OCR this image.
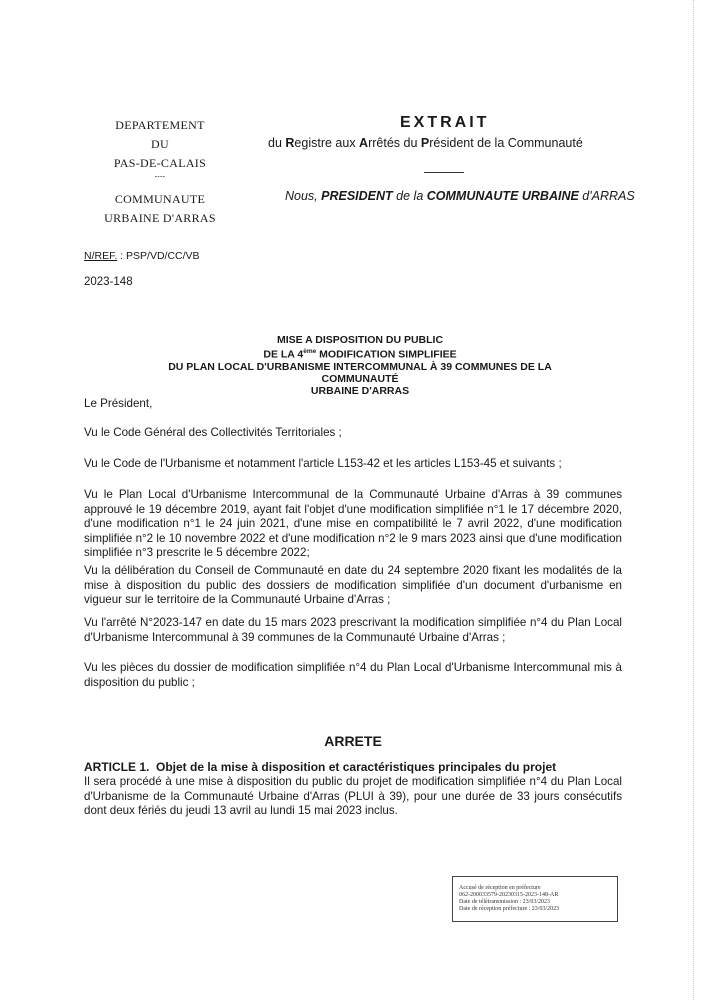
DEPARTEMENT
DU
PAS-DE-CALAIS
----
COMMUNAUTE
URBAINE D'ARRAS
EXTRAIT
du Registre aux Arrêtés du Président de la Communauté
Nous, PRESIDENT de la COMMUNAUTE URBAINE d'ARRAS
N/REF. : PSP/VD/CC/VB
2023-148
MISE A DISPOSITION DU PUBLIC
DE LA 4ème MODIFICATION SIMPLIFIEE
DU PLAN LOCAL D'URBANISME INTERCOMMUNAL À 39 COMMUNES DE LA COMMUNAUTÉ
URBAINE D'ARRAS
Le Président,
Vu le Code Général des Collectivités Territoriales ;
Vu le Code de l'Urbanisme et notamment l'article L153-42 et les articles L153-45 et suivants ;
Vu le Plan Local d'Urbanisme Intercommunal de la Communauté Urbaine d'Arras à 39 communes approuvé le 19 décembre 2019, ayant fait l'objet d'une modification simplifiée n°1 le 17 décembre 2020, d'une modification n°1 le 24 juin 2021, d'une mise en compatibilité le 7 avril 2022, d'une modification simplifiée n°2 le 10 novembre 2022 et d'une modification n°2 le 9 mars 2023 ainsi que d'une modification simplifiée n°3 prescrite le 5 décembre 2022;
Vu la délibération du Conseil de Communauté en date du 24 septembre 2020 fixant les modalités de la mise à disposition du public des dossiers de modification simplifiée d'un document d'urbanisme en vigueur sur le territoire de la Communauté Urbaine d'Arras ;
Vu l'arrêté N°2023-147 en date du 15 mars 2023 prescrivant la modification simplifiée n°4 du Plan Local d'Urbanisme Intercommunal à 39 communes de la Communauté Urbaine d'Arras ;
Vu les pièces du dossier de modification simplifiée n°4 du Plan Local d'Urbanisme Intercommunal mis à disposition du public ;
ARRETE
ARTICLE 1.  Objet de la mise à disposition et caractéristiques principales du projet
Il sera procédé à une mise à disposition du public du projet de modification simplifiée n°4 du Plan Local d'Urbanisme de la Communauté Urbaine d'Arras (PLUI à 39), pour une durée de 33 jours consécutifs dont deux fériés du jeudi 13 avril au lundi 15 mai 2023 inclus.
Accusé de réception en préfecture
062-200033579-20230315-2023-148-AR
Date de télétransmission : 23/03/2023
Date de réception préfecture : 23/03/2023
